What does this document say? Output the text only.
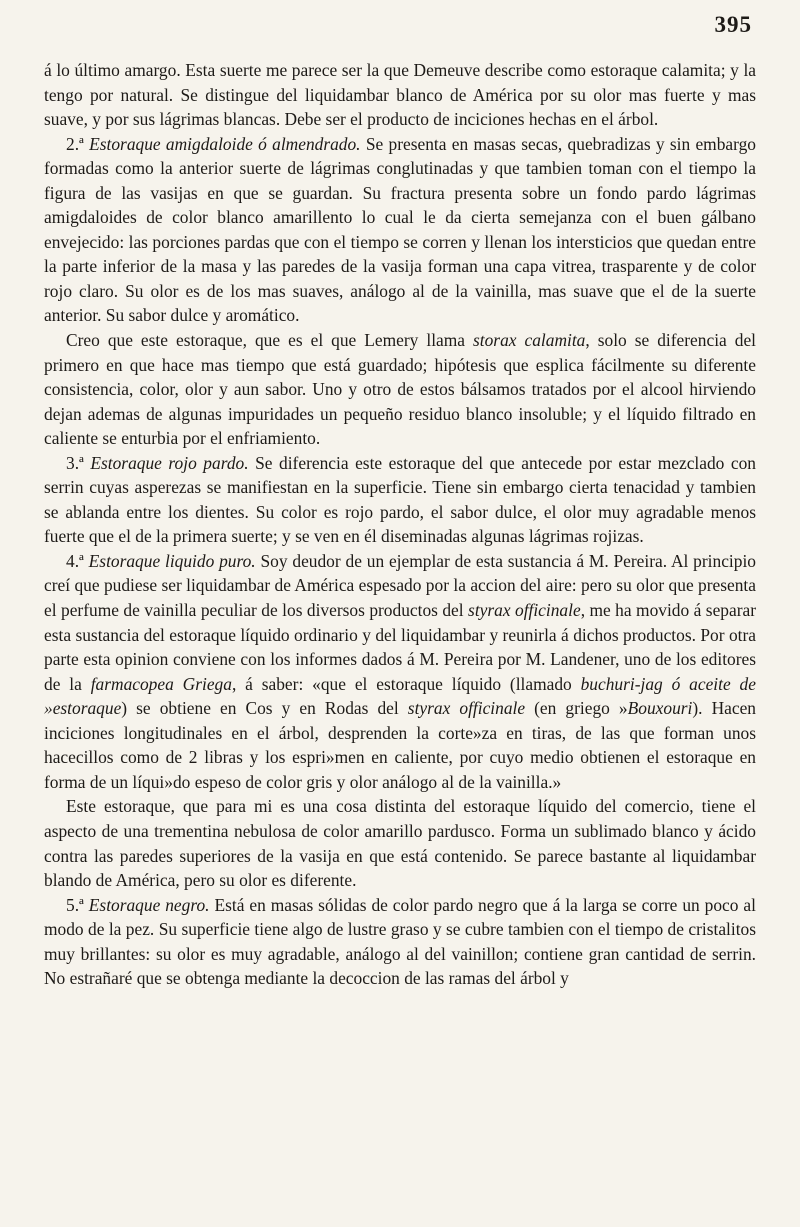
395

á lo último amargo. Esta suerte me parece ser la que Demeuve describe como estoraque calamita; y la tengo por natural. Se distingue del liquidambar blanco de América por su olor mas fuerte y mas suave, y por sus lágrimas blancas. Debe ser el producto de inciciones hechas en el árbol.

2.ª Estoraque amigdaloide ó almendrado. Se presenta en masas secas, quebradizas y sin embargo formadas como la anterior suerte de lágrimas conglutinadas y que tambien toman con el tiempo la figura de las vasijas en que se guardan. Su fractura presenta sobre un fondo pardo lágrimas amigdaloides de color blanco amarillento lo cual le da cierta semejanza con el buen gálbano envejecido: las porciones pardas que con el tiempo se corren y llenan los intersticios que quedan entre la parte inferior de la masa y las paredes de la vasija forman una capa vitrea, trasparente y de color rojo claro. Su olor es de los mas suaves, análogo al de la vainilla, mas suave que el de la suerte anterior. Su sabor dulce y aromático.

Creo que este estoraque, que es el que Lemery llama storax calamita, solo se diferencia del primero en que hace mas tiempo que está guardado; hipótesis que esplica fácilmente su diferente consistencia, color, olor y aun sabor. Uno y otro de estos bálsamos tratados por el alcool hirviendo dejan ademas de algunas impuridades un pequeño residuo blanco insoluble; y el líquido filtrado en caliente se enturbia por el enfriamiento.

3.ª Estoraque rojo pardo. Se diferencia este estoraque del que antecede por estar mezclado con serrin cuyas asperezas se manifiestan en la superficie. Tiene sin embargo cierta tenacidad y tambien se ablanda entre los dientes. Su color es rojo pardo, el sabor dulce, el olor muy agradable menos fuerte que el de la primera suerte; y se ven en él diseminadas algunas lágrimas rojizas.

4.ª Estoraque liquido puro. Soy deudor de un ejemplar de esta sustancia á M. Pereira. Al principio creí que pudiese ser liquidambar de América espesado por la accion del aire: pero su olor que presenta el perfume de vainilla peculiar de los diversos productos del styrax officinale, me ha movido á separar esta sustancia del estoraque líquido ordinario y del liquidambar y reunirla á dichos productos. Por otra parte esta opinion conviene con los informes dados á M. Pereira por M. Landener, uno de los editores de la farmacopea Griega, á saber: «que el estoraque líquido (llamado buchuri-jag ó aceite de »estoraque) se obtiene en Cos y en Rodas del styrax officinale (en griego »Bouxouri). Hacen inciciones longitudinales en el árbol, desprenden la corte»za en tiras, de las que forman unos hacecillos como de 2 libras y los espri»men en caliente, por cuyo medio obtienen el estoraque en forma de un líqui»do espeso de color gris y olor análogo al de la vainilla.»

Este estoraque, que para mi es una cosa distinta del estoraque líquido del comercio, tiene el aspecto de una trementina nebulosa de color amarillo pardusco. Forma un sublimado blanco y ácido contra las paredes superiores de la vasija en que está contenido. Se parece bastante al liquidambar blando de América, pero su olor es diferente.

5.ª Estoraque negro. Está en masas sólidas de color pardo negro que á la larga se corre un poco al modo de la pez. Su superficie tiene algo de lustre graso y se cubre tambien con el tiempo de cristalitos muy brillantes: su olor es muy agradable, análogo al del vainillon; contiene gran cantidad de serrin. No estrañaré que se obtenga mediante la decoccion de las ramas del árbol y
